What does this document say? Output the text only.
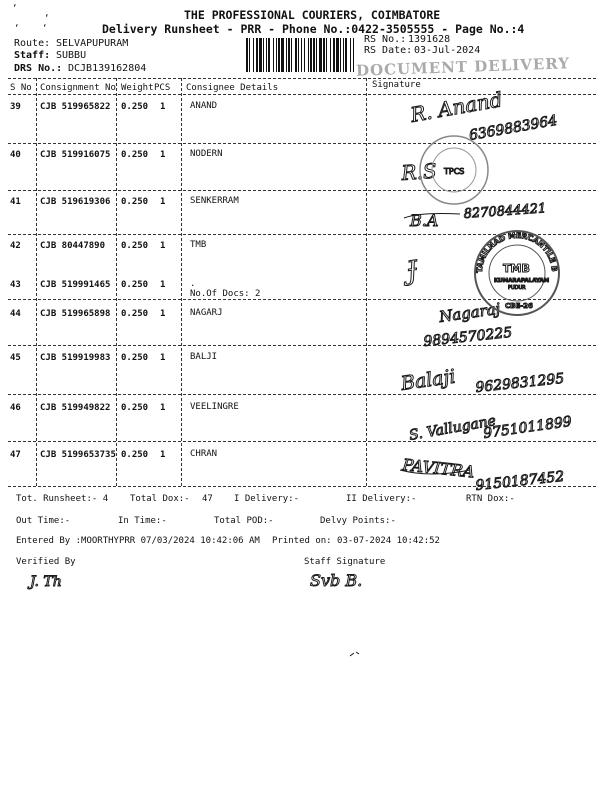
‘
‘
‘	‘
THE PROFESSIONAL COURIERS, COIMBATORE
Delivery Runsheet - PRR - Phone No.:0422-3505555 - Page No.:4
Route: SELVAPUPURAM
Staff: SUBBU
DRS No.: DCJB139162804
RS No.: 1391628
RS Date: 03-Jul-2024
DOCUMENT DELIVERY
S No Consignment No Weight PCS Consignee Details	Signature
39 CJB 519965822 0.250 1	ANAND
40 CJB 519916075 0.250 1	NODERN
41 CJB 519619306 0.250 1	SENKERRAM
42 CJB 80447890 0.250 1	TMB
43 CJB 519991465 0.250 1	.
No.Of Docs: 2
44 CJB 519965898 0.250 1	NAGARJ
45 CJB 519919983 0.250 1	BALJI
46 CJB 519949822 0.250 1	VEELINGRE
47 CJB 5199653735 0.250 1	CHRAN
Tot. Runsheet:- 4 Total Dox:- 47 I Delivery:-	II Delivery:-	RTN Dox:-
Out Time:-	In Time:-	Total POD:-	Delvy Points:-
Entered By :MOORTHYPRR 07/03/2024 10:42:06 AM Printed on: 03-07-2024 10:42:52
Verified By	Staff Signature
R. Anand
6369883964
R.S
B.A 8270844421
Ɉ
Nagaraj
9894570225
Balaji 9629831295
S. Vallugane
9751011899
PAVITRA 9150187452
J. Th	Svb B.
TPCS
TAMILNAD MERCANTILE BANK LTD.
TMB
KUMARAPALAYAM
PUDUR
CBE-26
